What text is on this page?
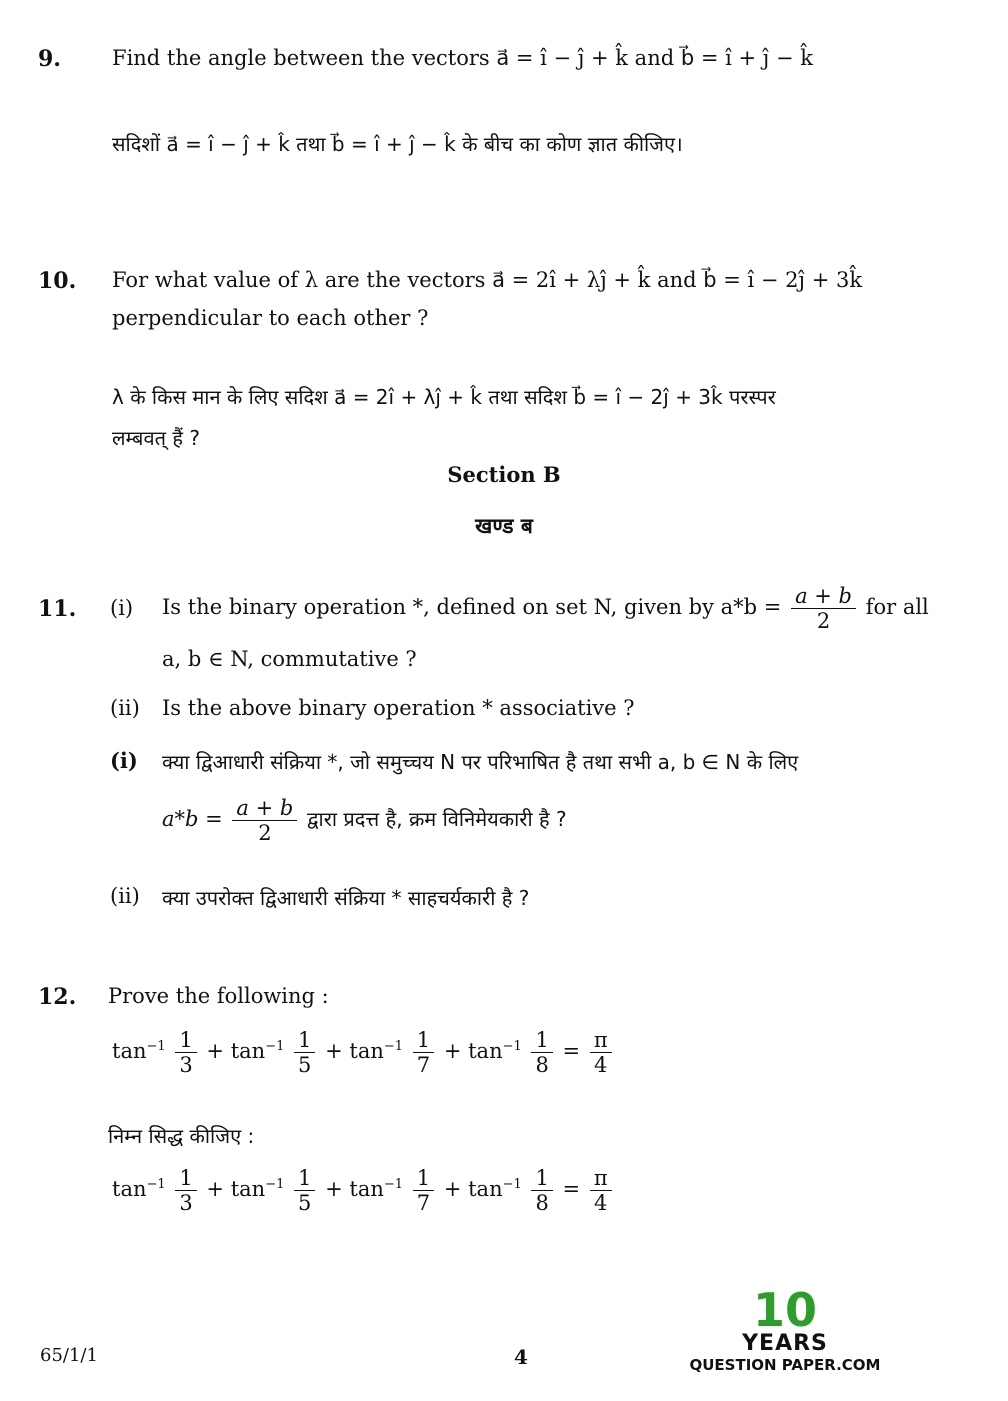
9. Find the angle between the vectors a⃗ = î − ĵ + k̂ and b⃗ = î + ĵ − k̂
सदिशों a⃗ = î − ĵ + k̂ तथा b⃗ = î + ĵ − k̂ के बीच का कोण ज्ञात कीजिए।
10. For what value of λ are the vectors a⃗ = 2î + λĵ + k̂ and b⃗ = î − 2ĵ + 3k̂
perpendicular to each other ?
λ के किस मान के लिए सदिश a⃗ = 2î + λĵ + k̂ तथा सदिश b⃗ = î − 2ĵ + 3k̂ परस्पर
लम्बवत् हैं ?
Section B
खण्ड ब
11. (i) Is the binary operation *, defined on set N, given by $a*b = \frac{a + b}{2}$ for all
a, b ∈ N, commutative ?
(ii) Is the above binary operation * associative ?
(i) क्या द्विआधारी संक्रिया *, जो समुच्चय N पर परिभाषित है तथा सभी a, b ∈ N के लिए
$a*b = \frac{a + b}{2}$ द्वारा प्रदत्त है, क्रम विनिमेयकारी है ?
(ii) क्या उपरोक्त द्विआधारी संक्रिया * साहचर्यकारी है ?
12. Prove the following :
$\tan^{-1} \frac{1}{3} + \tan^{-1} \frac{1}{5} + \tan^{-1} \frac{1}{7} + \tan^{-1} \frac{1}{8} = \frac{\pi}{4}$
निम्न सिद्ध कीजिए :
$\tan^{-1} \frac{1}{3} + \tan^{-1} \frac{1}{5} + \tan^{-1} \frac{1}{7} + \tan^{-1} \frac{1}{8} = \frac{\pi}{4}$
65/1/1	4
10
YEARS
QUESTION PAPER.COM
